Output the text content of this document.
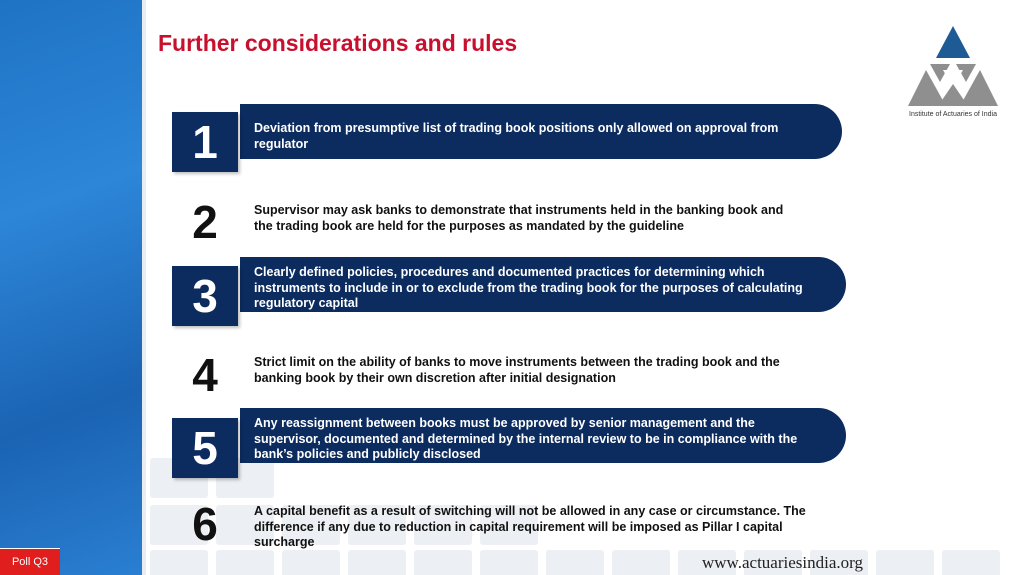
Further considerations and rules
Institute of Actuaries of India
1	Deviation from presumptive list of trading book positions only allowed on approval from regulator
2	Supervisor may ask banks to demonstrate that instruments held in the banking book and the trading book are held for the purposes as mandated by the guideline
3	Clearly defined policies, procedures and documented practices for determining which instruments to include in or to exclude from the trading book for the purposes of calculating regulatory capital
4	Strict limit on the ability of banks to move instruments between the trading book and the banking book by their own discretion after initial designation
5	Any reassignment between books must be approved by senior management and the supervisor, documented and determined by the internal review to be in compliance with the bank’s policies and publicly disclosed
6	A capital benefit as a result of switching will not be allowed in any case or circumstance. The difference if any due to reduction in capital requirement will be imposed as Pillar I capital surcharge
Poll Q3	www.actuariesindia.org
